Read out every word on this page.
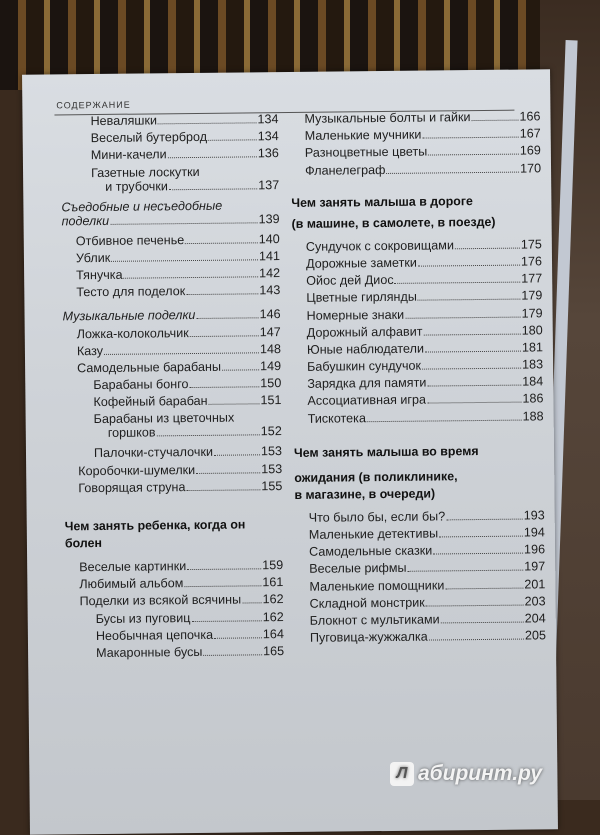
СОДЕРЖАНИЕ
Неваляшки	134
Веселый бутерброд	134
Мини-качели	136
Газетные лоскутки
и трубочки	137
Съедобные и несъедобные
поделки	139
Отбивное печенье	140
Ублик	141
Тянучка	142
Тесто для поделок	143
Музыкальные поделки	146
Ложка-колокольчик	147
Казу	148
Самодельные барабаны	149
Барабаны бонго	150
Кофейный барабан	151
Барабаны из цветочных
горшков	152
Палочки-стучалочки	153
Коробочки-шумелки	153
Говорящая струна	155
Чем занять ребенка, когда он болен
Веселые картинки	159
Любимый альбом	161
Поделки из всякой всячины 162
Бусы из пуговиц	162
Необычная цепочка	164
Макаронные бусы	165
Музыкальные болты и гайки	166
Маленькие мучники	167
Разноцветные цветы	169
Фланелеграф	170
Чем занять малыша в дороге
(в машине, в самолете, в поезде)
Сундучок с сокровищами	175
Дорожные заметки	176
Ойос дей Диос	177
Цветные гирлянды	179
Номерные знаки	179
Дорожный алфавит	180
Юные наблюдатели	181
Бабушкин сундучок	183
Зарядка для памяти	184
Ассоциативная игра	186
Тискотека	188
Чем занять малыша во время
ожидания (в поликлинике,
в магазине, в очереди)
Что было бы, если бы?	193
Маленькие детективы	194
Самодельные сказки	196
Веселые рифмы	197
Маленькие помощники	201
Складной монстрик	203
Блокнот с мультиками	204
Пуговица-жужжалка	205
Л абиринт.ру
